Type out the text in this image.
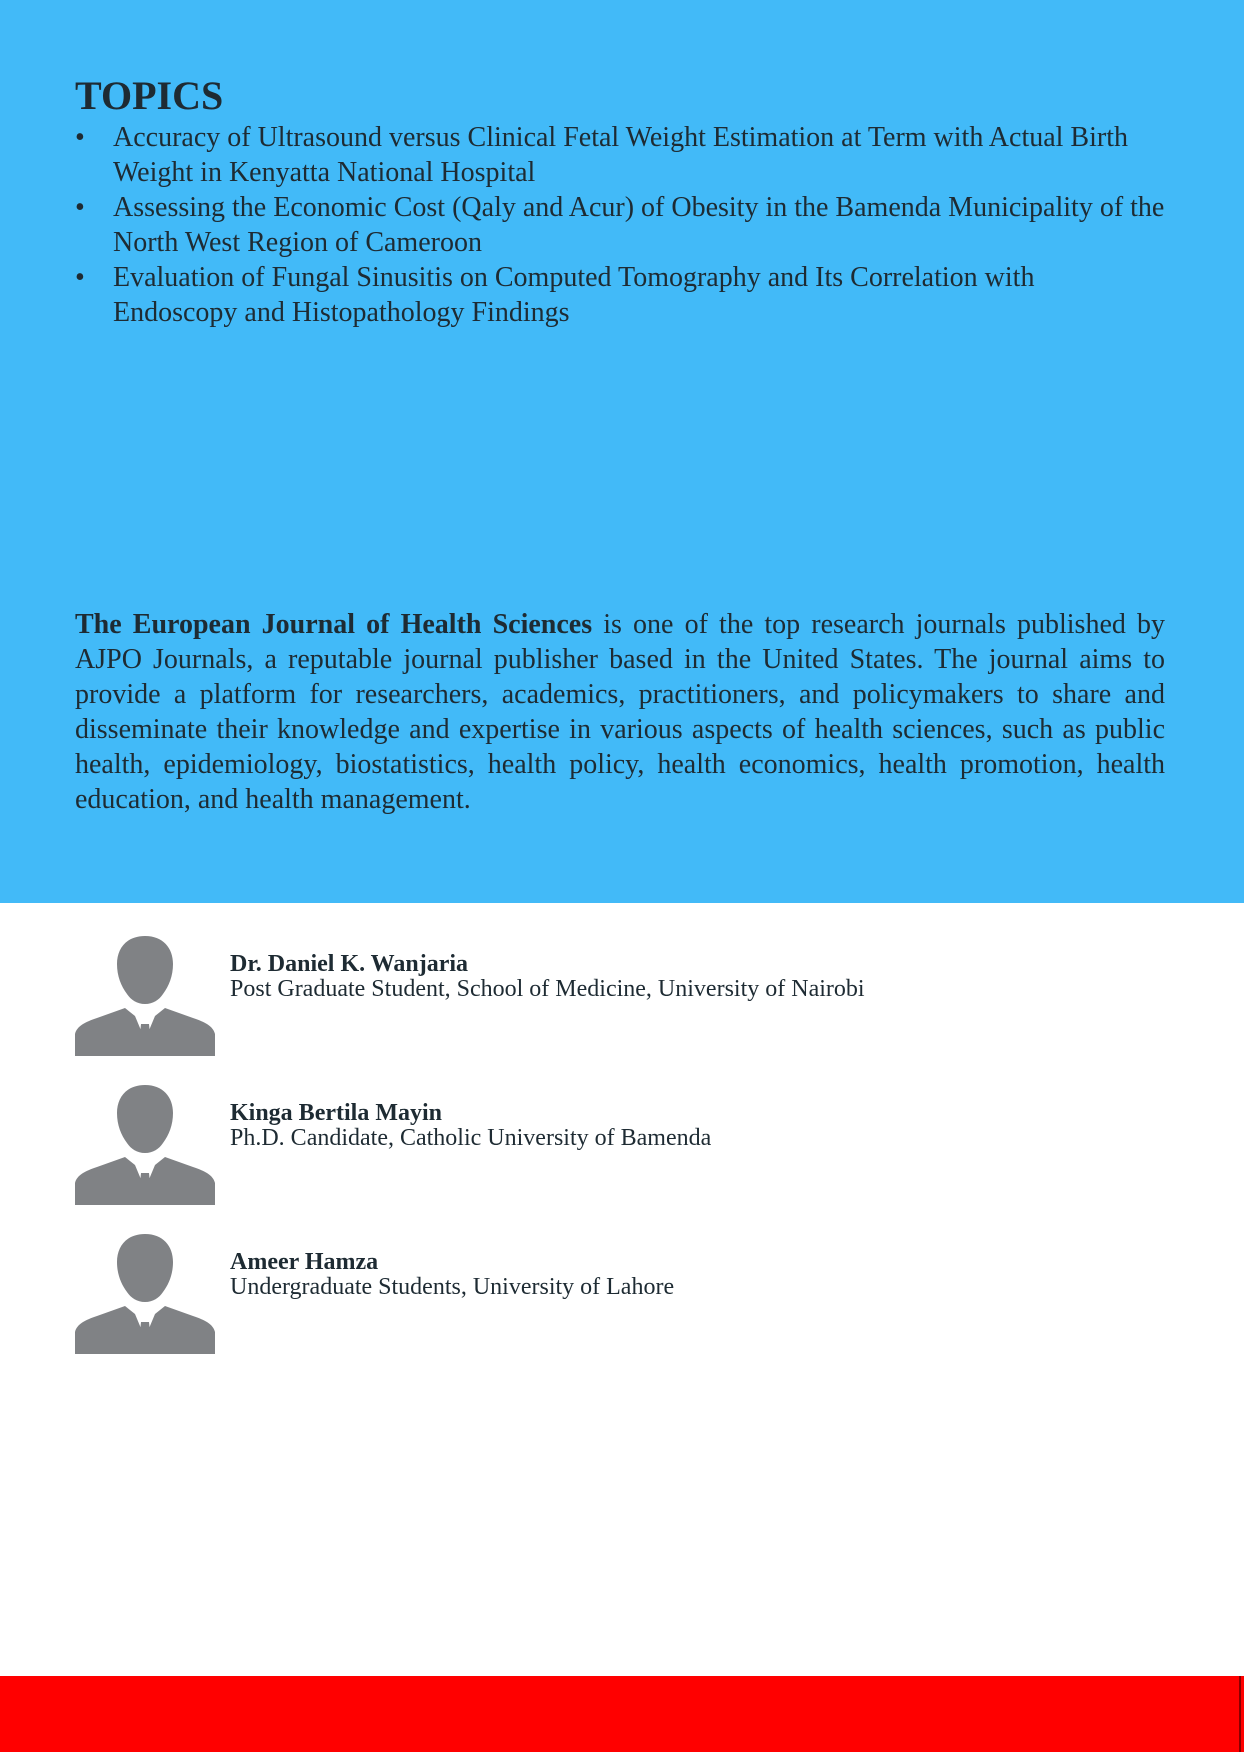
TOPICS
• Accuracy of Ultrasound versus Clinical Fetal Weight Estimation at Term with Actual Birth Weight in Kenyatta National Hospital
• Assessing the Economic Cost (Qaly and Acur) of Obesity in the Bamenda Municipality of the North West Region of Cameroon
• Evaluation of Fungal Sinusitis on Computed Tomography and Its Correlation with Endoscopy and Histopathology Findings

The European Journal of Health Sciences is one of the top research journals published by AJPO Journals, a reputable journal publisher based in the United States. The journal aims to provide a platform for researchers, academics, practitioners, and policymakers to share and disseminate their knowledge and expertise in various aspects of health sciences, such as public health, epidemiology, biostatistics, health policy, health economics, health promotion, health education, and health management.

Dr. Daniel K. Wanjaria
Post Graduate Student, School of Medicine, University of Nairobi
Kinga Bertila Mayin
Ph.D. Candidate, Catholic University of Bamenda
Ameer Hamza
Undergraduate Students, University of Lahore
